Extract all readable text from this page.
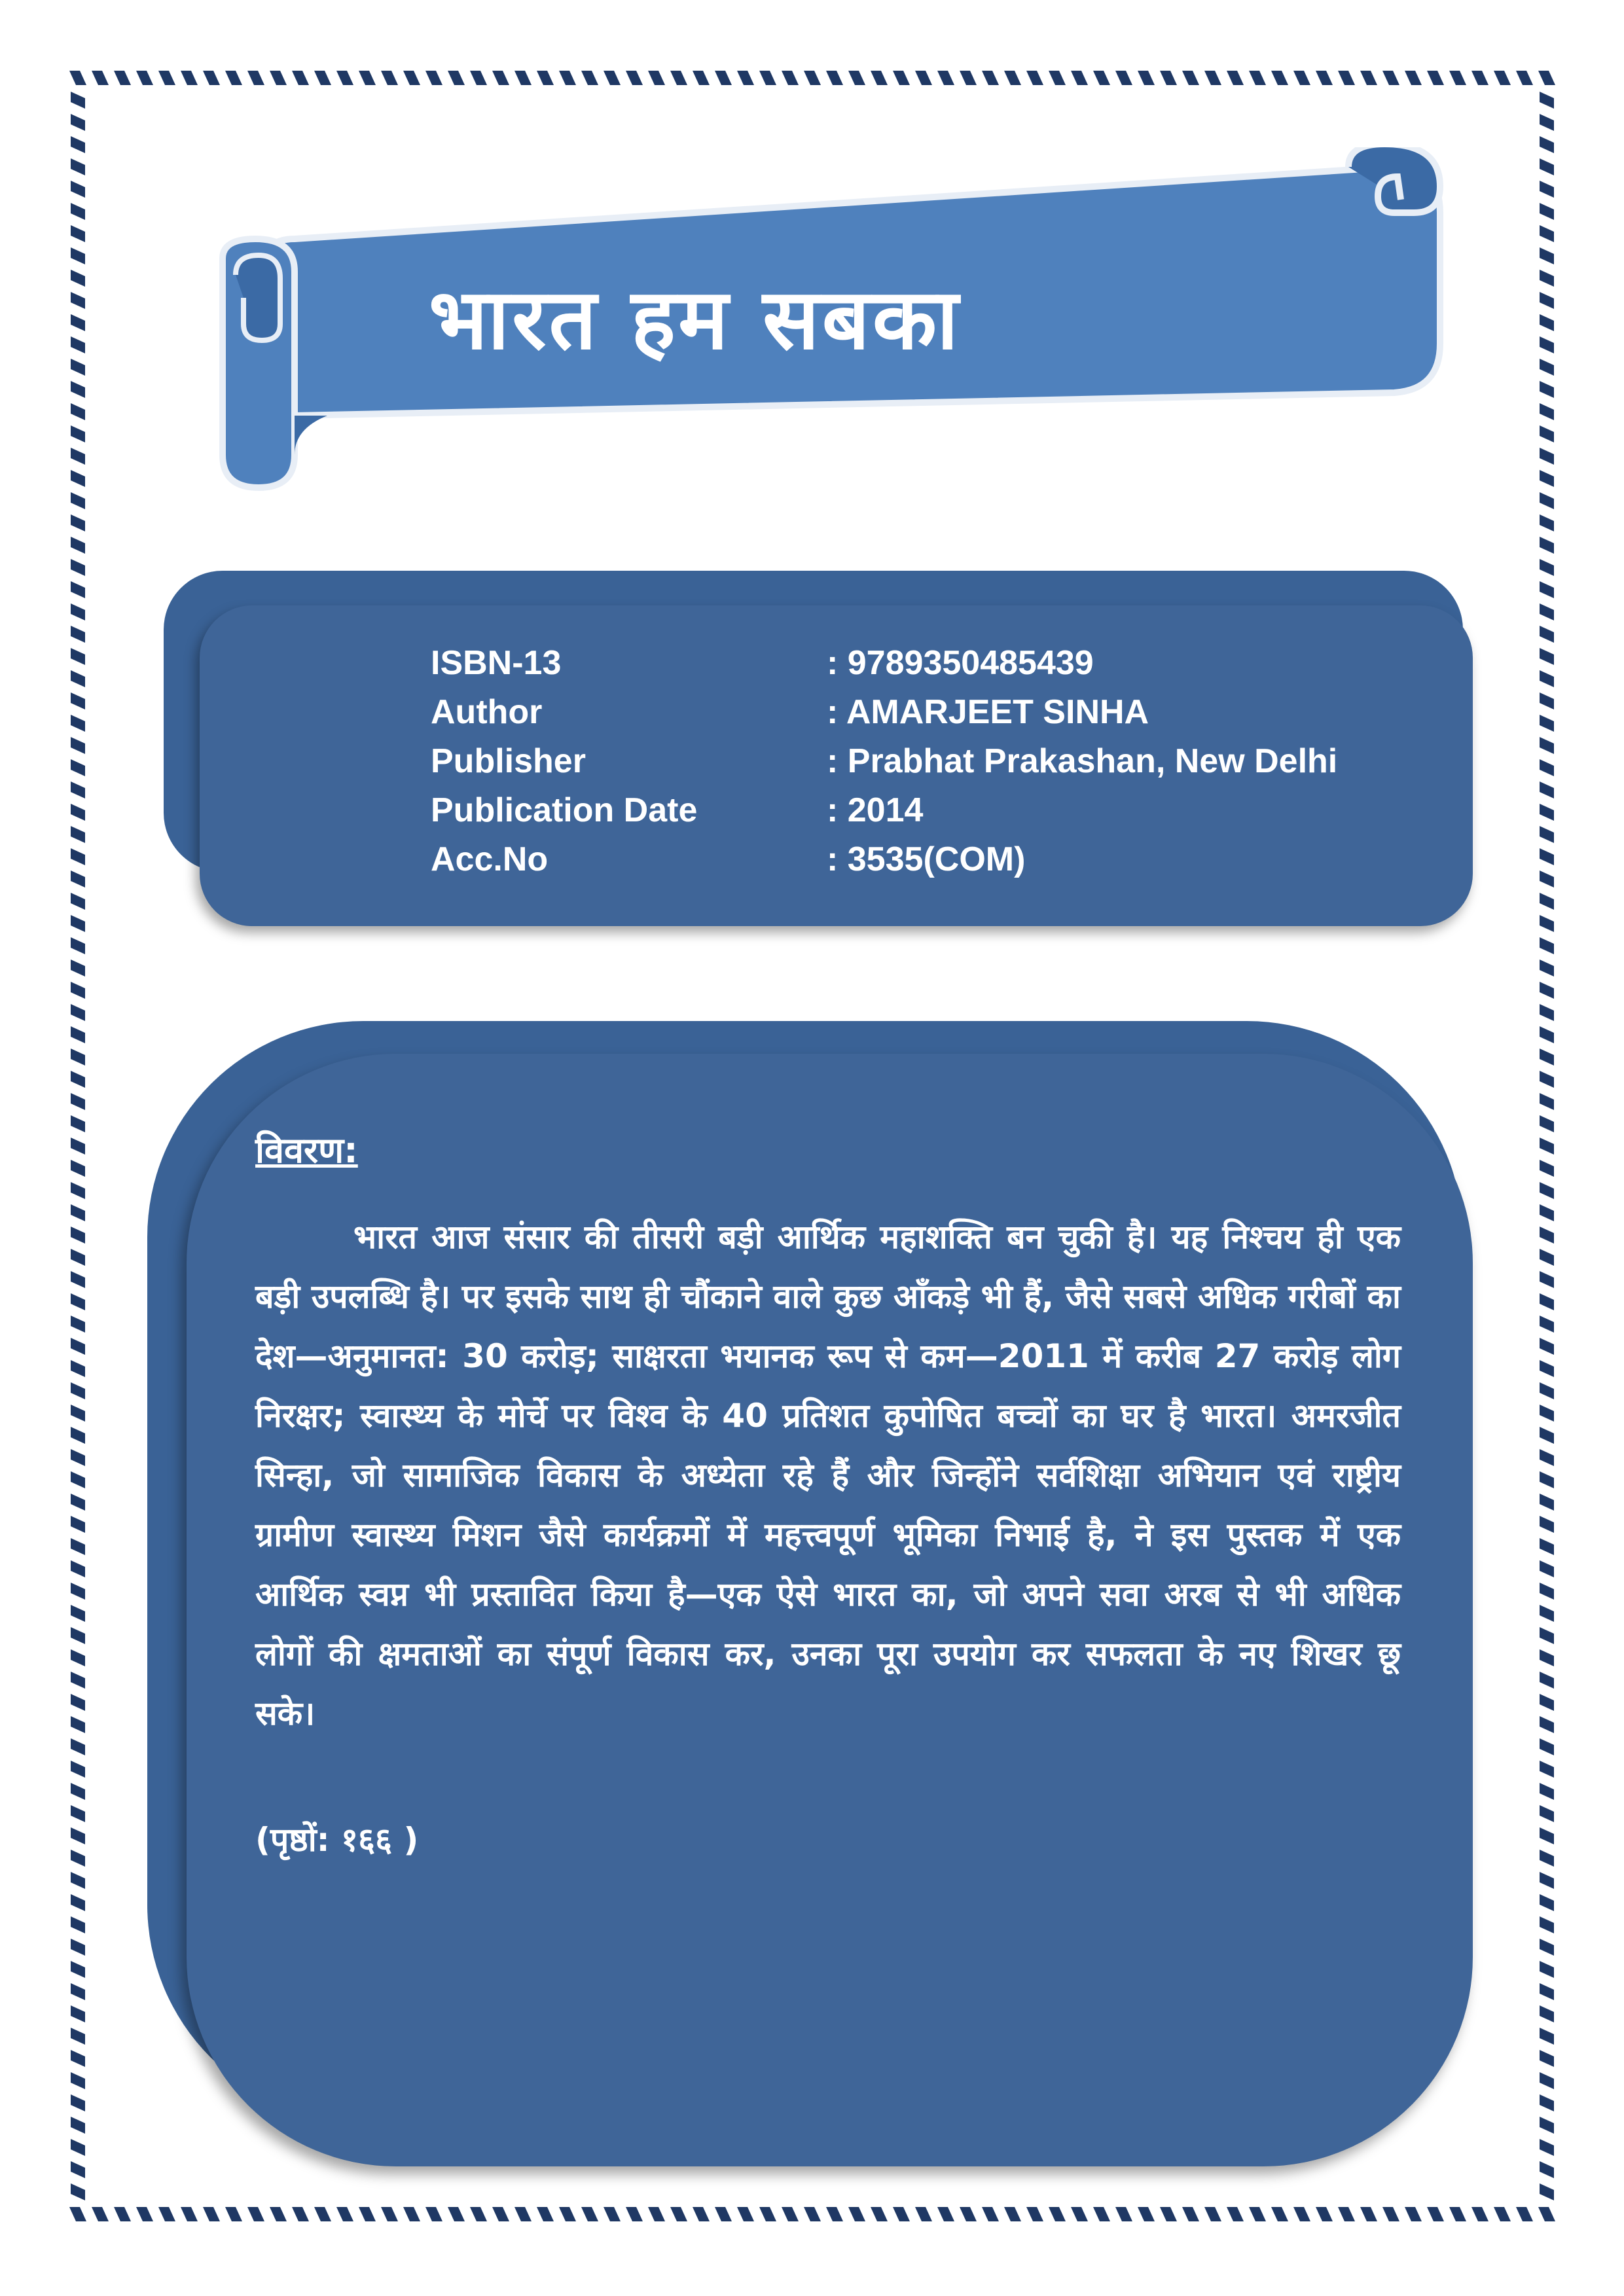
भारत हम सबका
ISBN-13	: 9789350485439
Author	: AMARJEET SINHA
Publisher	: Prabhat Prakashan, New Delhi
Publication Date	: 2014
Acc.No	: 3535(COM)
विवरण:

भारत आज संसार की तीसरी बड़ी आर्थिक महाशक्ति बन चुकी है। यह निश्चय ही एक बड़ी उपलब्धि है। पर इसके साथ ही चौंकाने वाले कुछ आँकड़े भी हैं, जैसे सबसे अधिक गरीबों का देश—अनुमानत: 30 करोड़; साक्षरता भयानक रूप से कम—2011 में करीब 27 करोड़ लोग निरक्षर; स्वास्थ्य के मोर्चे पर विश्व के 40 प्रतिशत कुपोषित बच्चों का घर है भारत। अमरजीत सिन्हा, जो सामाजिक विकास के अध्येता रहे हैं और जिन्होंने सर्वशिक्षा अभियान एवं राष्ट्रीय ग्रामीण स्वास्थ्य मिशन जैसे कार्यक्रमों में महत्त्वपूर्ण भूमिका निभाई है, ने इस पुस्तक में एक आर्थिक स्वप्न भी प्रस्तावित किया है—एक ऐसे भारत का, जो अपने सवा अरब से भी अधिक लोगों की क्षमताओं का संपूर्ण विकास कर, उनका पूरा उपयोग कर सफलता के नए शिखर छू सके।

(पृष्ठों: १६६ )
